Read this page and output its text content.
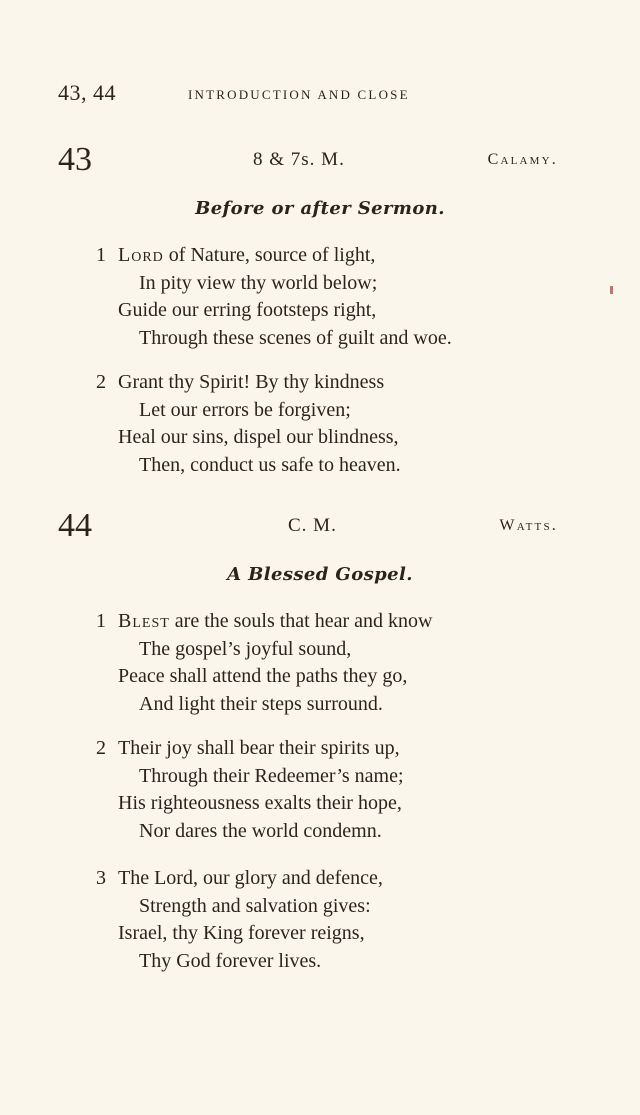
43, 44	INTRODUCTION AND CLOSE
43	8 & 7s. M.	Calamy.
Before or after Sermon.
1 Lord of Nature, source of light,
In pity view thy world below;
Guide our erring footsteps right,
Through these scenes of guilt and woe.
2 Grant thy Spirit! By thy kindness
Let our errors be forgiven;
Heal our sins, dispel our blindness,
Then, conduct us safe to heaven.
44	C. M.	Watts.
A Blessed Gospel.
1 Blest are the souls that hear and know
The gospel’s joyful sound,
Peace shall attend the paths they go,
And light their steps surround.
2 Their joy shall bear their spirits up,
Through their Redeemer’s name;
His righteousness exalts their hope,
Nor dares the world condemn.
3 The Lord, our glory and defence,
Strength and salvation gives:
Israel, thy King forever reigns,
Thy God forever lives.
